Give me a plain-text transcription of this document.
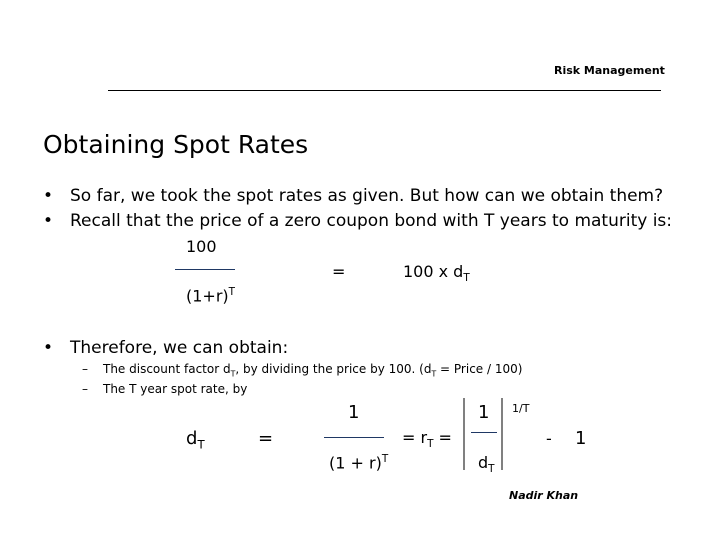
Risk Management
Obtaining Spot Rates
• So far, we took the spot rates as given. But how can we obtain them?
• Recall that the price of a zero coupon bond with T years to maturity is:
100
=	100 x $d_T$
$(1+r)^T$
• Therefore, we can obtain:
– The discount factor $d_T$, by dividing the price by 100. ($d_T$ = Price / 100)
– The T year spot rate, by
$d_T$	=
1
$(1 + r)^T$
= $r_T$ =
1
$d_T$
1/T
- 1
Nadir Khan
